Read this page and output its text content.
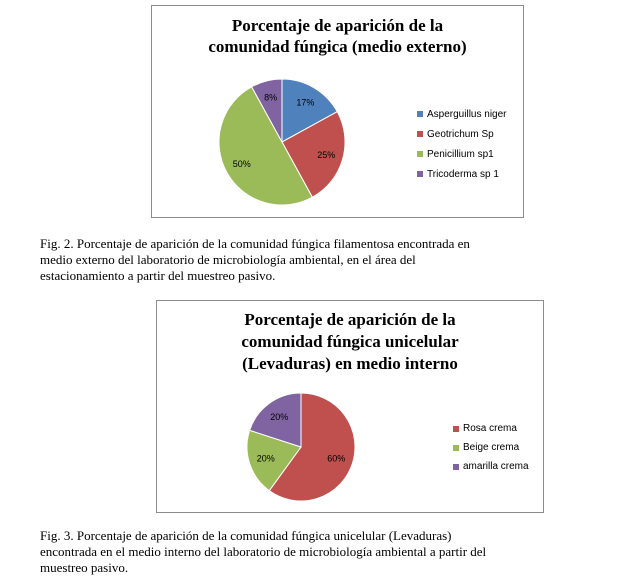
Porcentaje de aparición de la
comunidad fúngica (medio externo)
17%
25%
50%
8%
Asperguillus niger
Geotrichum Sp
Penicillium sp1
Tricoderma sp 1
Fig. 2. Porcentaje de aparición de la comunidad fúngica filamentosa encontrada en
medio externo del laboratorio de microbiología ambiental, en el área del
estacionamiento a partir del muestreo pasivo.
Porcentaje de aparición de la
comunidad fúngica unicelular
(Levaduras) en medio interno
60%
20%
20%
Rosa crema
Beige crema
amarilla crema
Fig. 3. Porcentaje de aparición de la comunidad fúngica unicelular (Levaduras)
encontrada en el medio interno del laboratorio de microbiología ambiental a partir del
muestreo pasivo.
